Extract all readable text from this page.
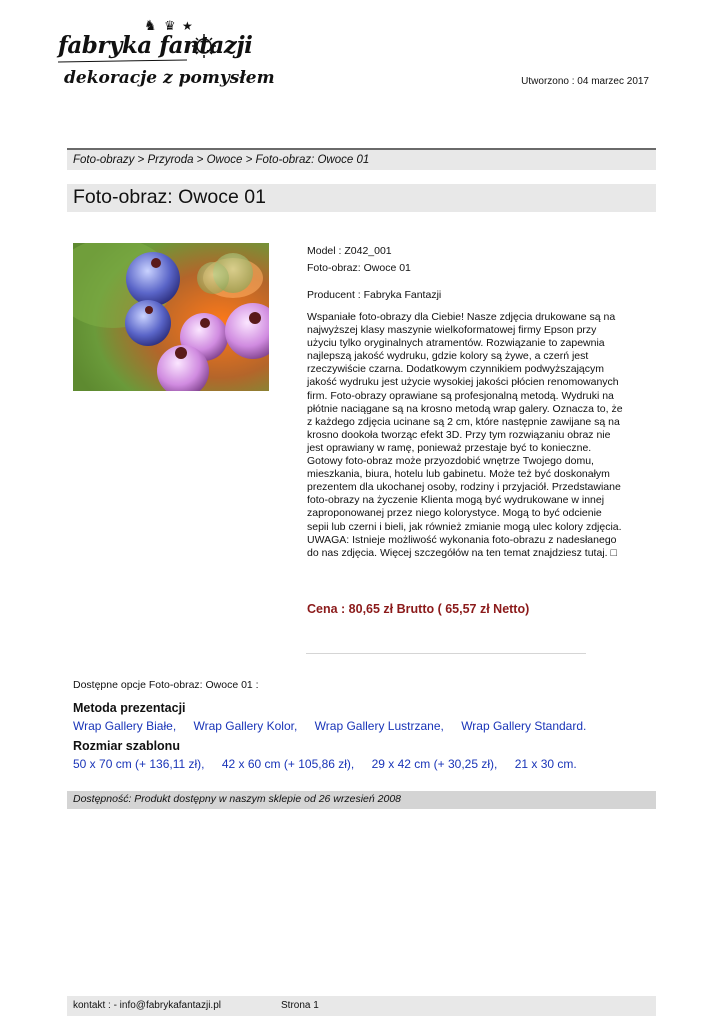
♞ ♛ ★
fabryka fantazji
dekoracje z pomysłem	Utworzono : 04 marzec 2017
Foto-obrazy > Przyroda > Owoce > Foto-obraz: Owoce 01
Foto-obraz: Owoce 01
Model : Z042_001
Foto-obraz: Owoce 01
Producent : Fabryka Fantazji
Wspaniałe foto-obrazy dla Ciebie! Nasze zdjęcia drukowane są na najwyższej klasy maszynie wielkoformatowej firmy Epson przy użyciu tylko oryginalnych atramentów. Rozwiązanie to zapewnia najlepszą jakość wydruku, gdzie kolory są żywe, a czerń jest rzeczywiście czarna. Dodatkowym czynnikiem podwyższającym jakość wydruku jest użycie wysokiej jakości płócien renomowanych firm. Foto-obrazy oprawiane są profesjonalną metodą. Wydruki na płótnie naciągane są na krosno metodą wrap galery. Oznacza to, że z każdego zdjęcia ucinane są 2 cm, które następnie zawijane są na krosno dookoła tworząc efekt 3D. Przy tym rozwiązaniu obraz nie jest oprawiany w ramę, ponieważ przestaje być to konieczne. Gotowy foto-obraz może przyozdobić wnętrze Twojego domu, mieszkania, biura, hotelu lub gabinetu. Może też być doskonałym prezentem dla ukochanej osoby, rodziny i przyjaciół. Przedstawiane foto-obrazy na życzenie Klienta mogą być wydrukowane w innej zaproponowanej przez niego kolorystyce. Mogą to być odcienie sepii lub czerni i bieli, jak również zmianie mogą ulec kolory zdjęcia. UWAGA: Istnieje możliwość wykonania foto-obrazu z nadesłanego do nas zdjęcia. Więcej szczegółów na ten temat znajdziesz tutaj. □
Cena : 80,65 zł Brutto ( 65,57 zł Netto)
Dostępne opcje Foto-obraz: Owoce 01 :
Metoda prezentacji
Wrap Gallery Białe, Wrap Gallery Kolor, Wrap Gallery Lustrzane, Wrap Gallery Standard.
Rozmiar szablonu
50 x 70 cm (+ 136,11 zł), 42 x 60 cm (+ 105,86 zł), 29 x 42 cm (+ 30,25 zł), 21 x 30 cm.
Dostępność: Produkt dostępny w naszym sklepie od 26 wrzesień 2008
kontakt : - info@fabrykafantazji.pl	Strona 1
